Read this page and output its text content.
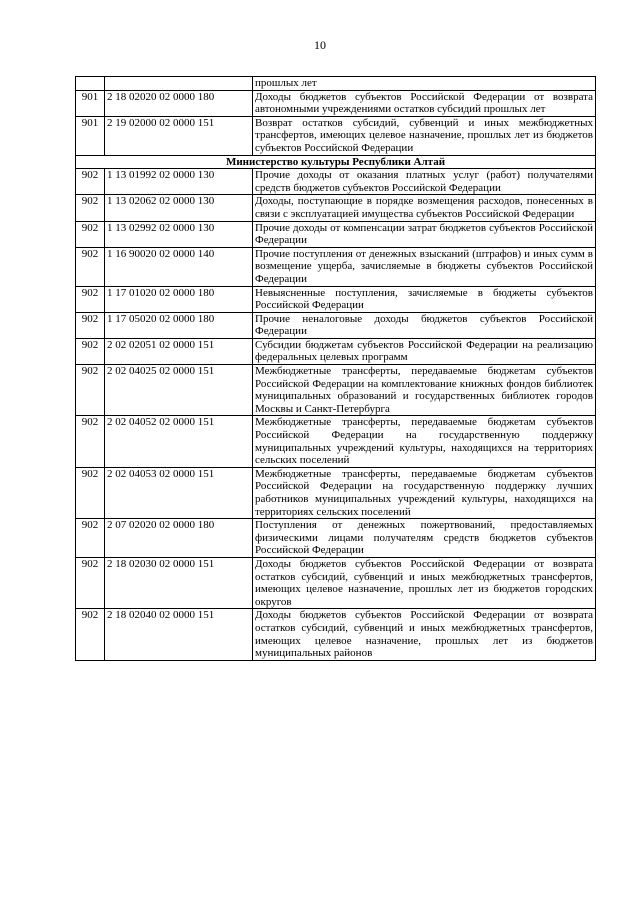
10
		прошлых лет
901	2 18 02020 02 0000 180	Доходы бюджетов субъектов Российской Федерации от возврата автономными учреждениями остатков субсидий прошлых лет
901	2 19 02000 02 0000 151	Возврат остатков субсидий, субвенций и иных межбюджетных трансфертов, имеющих целевое назначение, прошлых лет из бюджетов субъектов Российской Федерации
Министерство культуры Республики Алтай		
902	1 13 01992 02 0000 130	Прочие доходы от оказания платных услуг (работ) получателями средств бюджетов субъектов Российской Федерации
902	1 13 02062 02 0000 130	Доходы, поступающие в порядке возмещения расходов, понесенных в связи с эксплуатацией имущества субъектов Российской Федерации
902	1 13 02992 02 0000 130	Прочие доходы от компенсации затрат бюджетов субъектов Российской Федерации
902	1 16 90020 02 0000 140	Прочие поступления от денежных взысканий (штрафов) и иных сумм в возмещение ущерба, зачисляемые в бюджеты субъектов Российской Федерации
902	1 17 01020 02 0000 180	Невыясненные поступления, зачисляемые в бюджеты субъектов Российской Федерации
902	1 17 05020 02 0000 180	Прочие неналоговые доходы бюджетов субъектов Российской Федерации
902	2 02 02051 02 0000 151	Субсидии бюджетам субъектов Российской Федерации на реализацию федеральных целевых программ
902	2 02 04025 02 0000 151	Межбюджетные трансферты, передаваемые бюджетам субъектов Российской Федерации на комплектование книжных фондов библиотек муниципальных образований и государственных библиотек городов Москвы и Санкт-Петербурга
902	2 02 04052 02 0000 151	Межбюджетные трансферты, передаваемые бюджетам субъектов Российской Федерации на государственную поддержку муниципальных учреждений культуры, находящихся на территориях сельских поселений
902	2 02 04053 02 0000 151	Межбюджетные трансферты, передаваемые бюджетам субъектов Российской Федерации на государственную поддержку лучших работников муниципальных учреждений культуры, находящихся на территориях сельских поселений
902	2 07 02020 02 0000 180	Поступления от денежных пожертвований, предоставляемых физическими лицами получателям средств бюджетов субъектов Российской Федерации
902	2 18 02030 02 0000 151	Доходы бюджетов субъектов Российской Федерации от возврата остатков субсидий, субвенций и иных межбюджетных трансфертов, имеющих целевое назначение, прошлых лет из бюджетов городских округов
902	2 18 02040 02 0000 151	Доходы бюджетов субъектов Российской Федерации от возврата остатков субсидий, субвенций и иных межбюджетных трансфертов, имеющих целевое назначение, прошлых лет из бюджетов муниципальных районов
